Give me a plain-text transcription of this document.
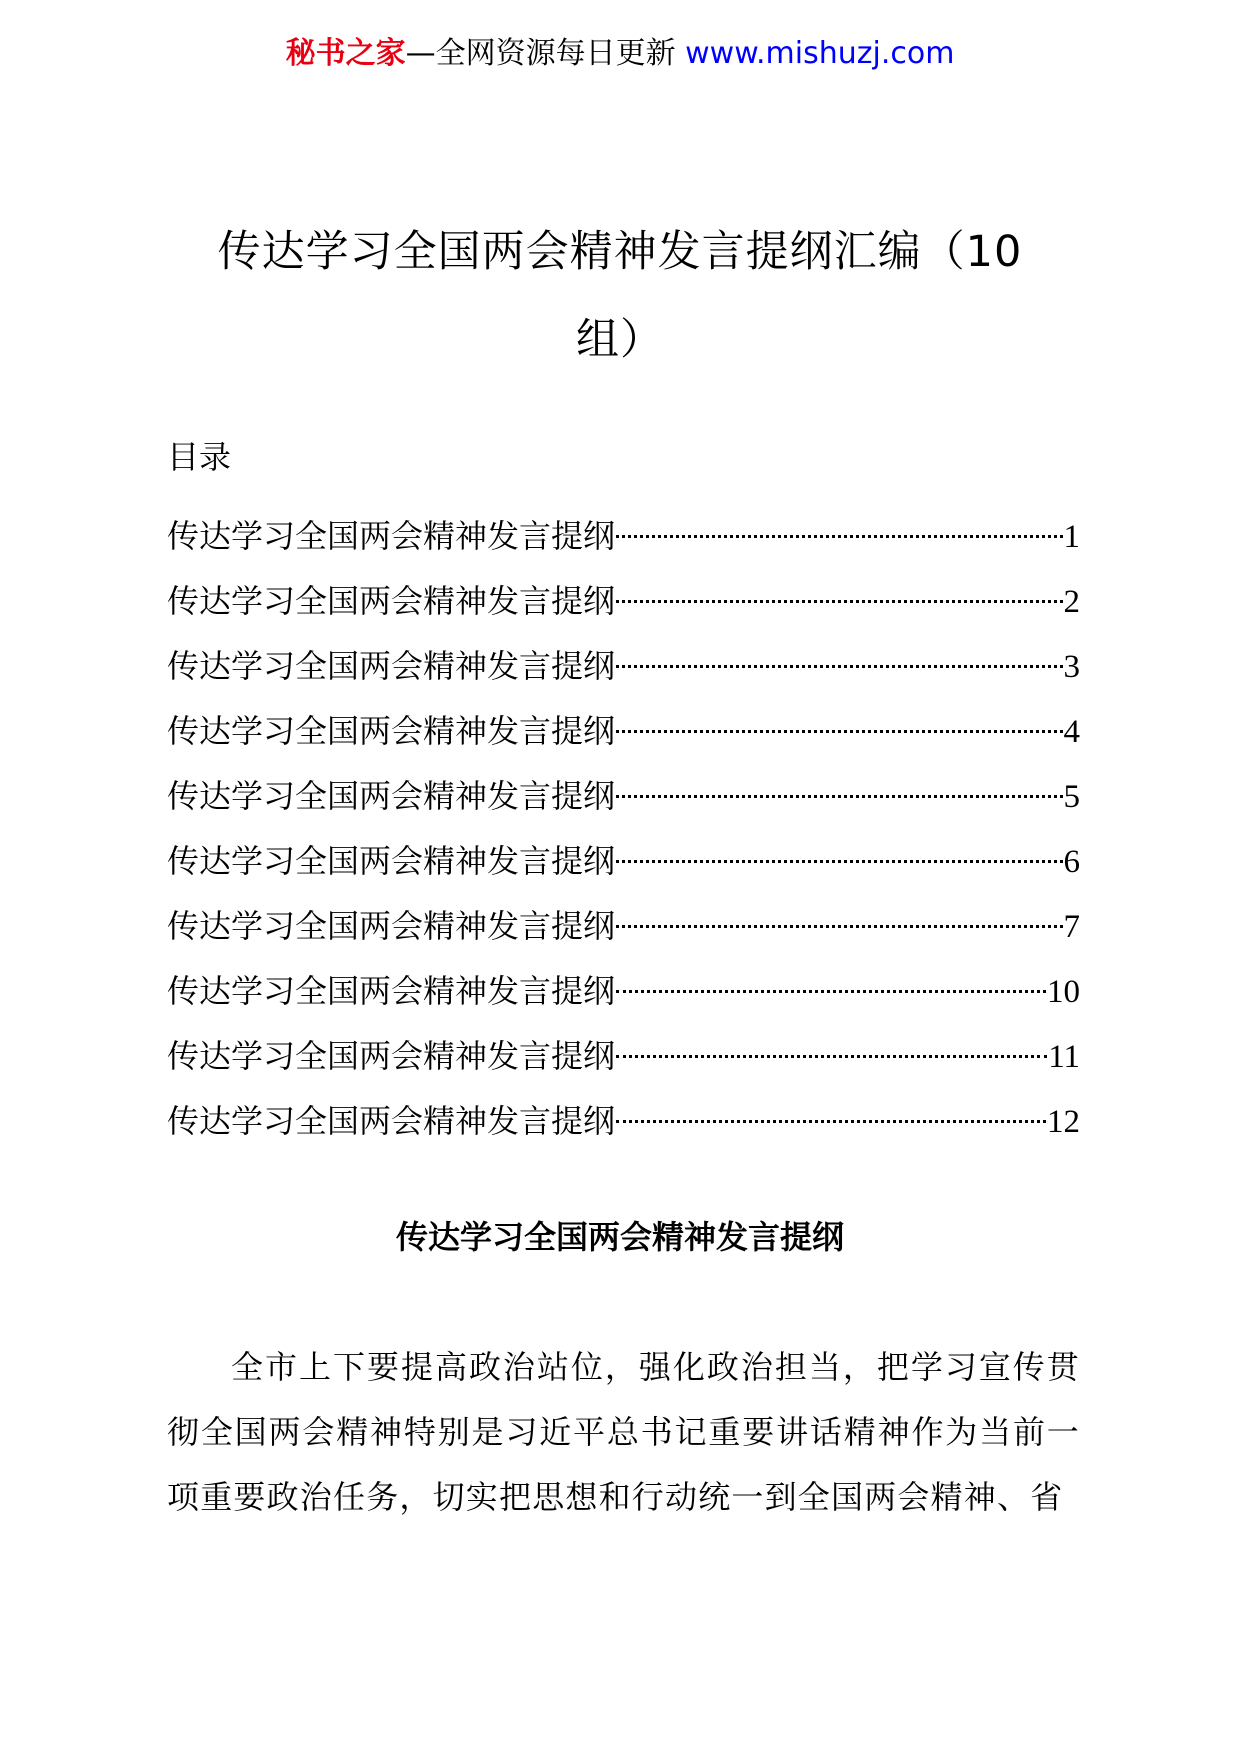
秘书之家—全网资源每日更新 www.mishuzj.com
传达学习全国两会精神发言提纲汇编（10组）
目录
传达学习全国两会精神发言提纲	1
传达学习全国两会精神发言提纲	2
传达学习全国两会精神发言提纲	3
传达学习全国两会精神发言提纲	4
传达学习全国两会精神发言提纲	5
传达学习全国两会精神发言提纲	6
传达学习全国两会精神发言提纲	7
传达学习全国两会精神发言提纲	10
传达学习全国两会精神发言提纲	11
传达学习全国两会精神发言提纲	12
传达学习全国两会精神发言提纲
全市上下要提高政治站位，强化政治担当，把学习宣传贯彻全国两会精神特别是习近平总书记重要讲话精神作为当前一项重要政治任务，切实把思想和行动统一到全国两会精神、省
